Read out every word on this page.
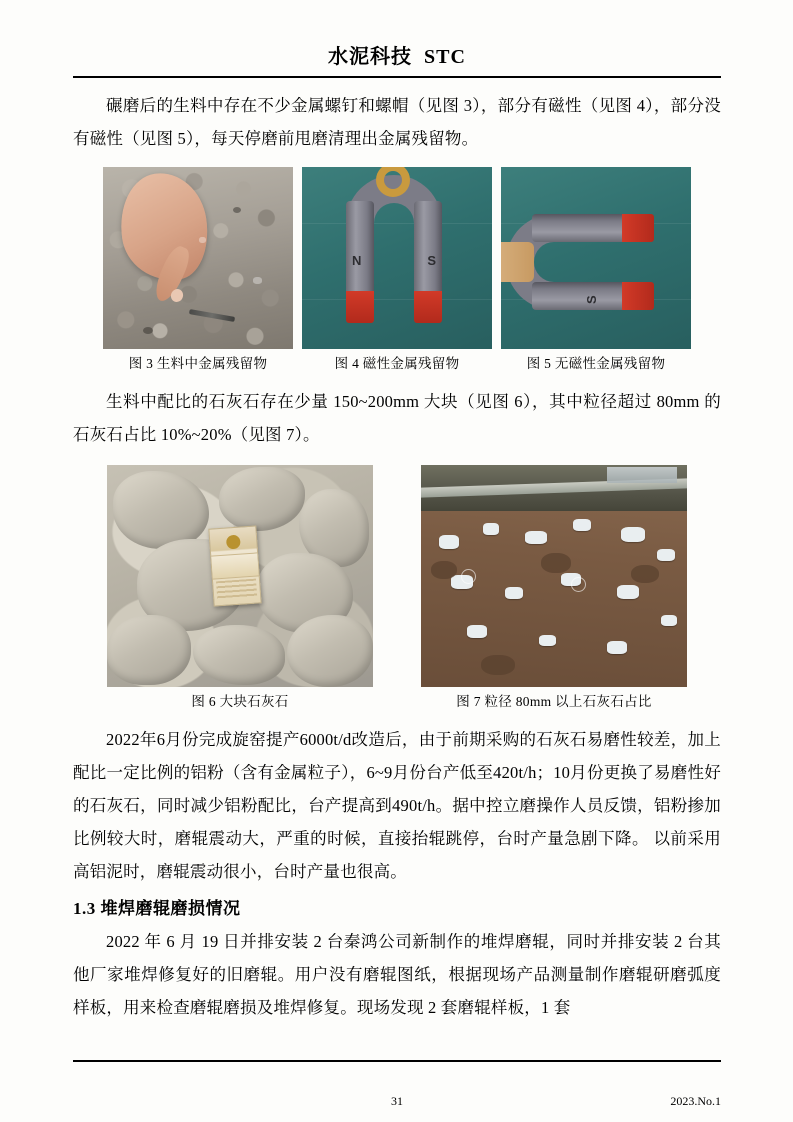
水泥科技 STC

碾磨后的生料中存在不少金属螺钉和螺帽（见图 3），部分有磁性（见图 4），部分没有磁性（见图 5），每天停磨前甩磨清理出金属残留物。

图 3 生料中金属残留物
N	S
图 4 磁性金属残留物
S
图 5 无磁性金属残留物

生料中配比的石灰石存在少量 150~200mm 大块（见图 6），其中粒径超过 80mm 的石灰石占比 10%~20%（见图 7）。

图 6 大块石灰石	图 7 粒径 80mm 以上石灰石占比

2022年6月份完成旋窑提产6000t/d改造后，由于前期采购的石灰石易磨性较差，加上配比一定比例的铝粉（含有金属粒子），6~9月份台产低至420t/h；10月份更换了易磨性好的石灰石，同时减少铝粉配比，台产提高到490t/h。据中控立磨操作人员反馈，铝粉掺加比例较大时，磨辊震动大，严重的时候，直接抬辊跳停，台时产量急剧下降。 以前采用高铝泥时，磨辊震动很小，台时产量也很高。

1.3 堆焊磨辊磨损情况

2022 年 6 月 19 日并排安装 2 台秦鸿公司新制作的堆焊磨辊，同时并排安装 2 台其他厂家堆焊修复好的旧磨辊。用户没有磨辊图纸，根据现场产品测量制作磨辊研磨弧度样板，用来检查磨辊磨损及堆焊修复。现场发现 2 套磨辊样板，1 套

31	2023.No.1
